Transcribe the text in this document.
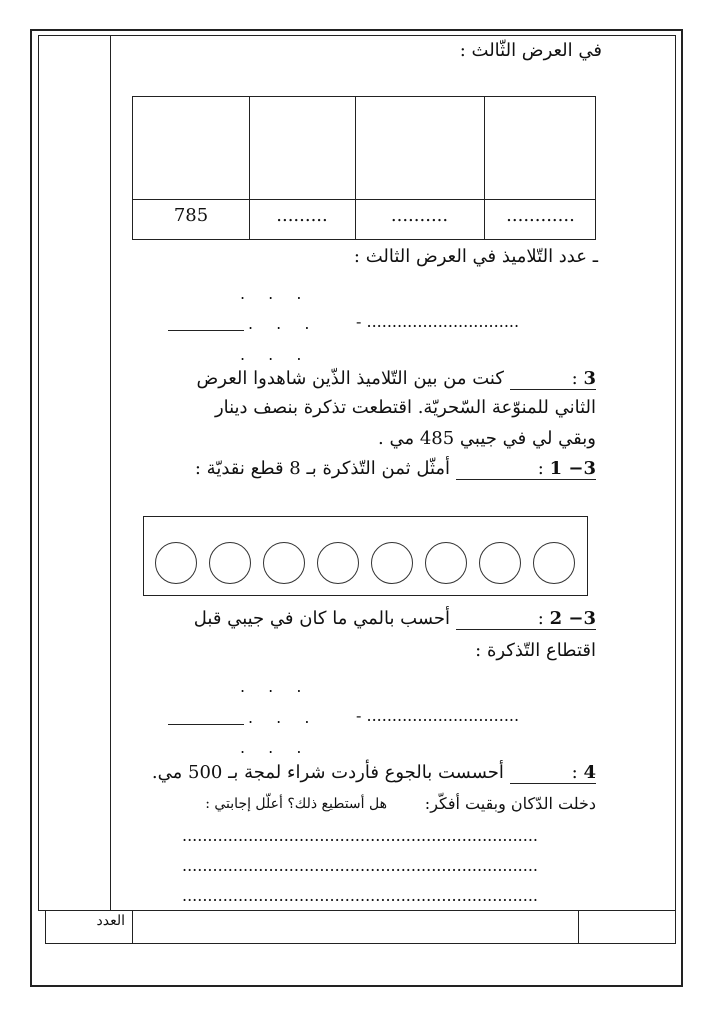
في العرض الثّالث :
785	.........	..........	............
ـ عدد التّلاميذ في العرض الثالث :
. . .
. . .
. . .
- ..............................
3 : كنت من بين التّلاميذ الذّين شاهدوا العرض
الثاني للمنوّعة السّحريّة. اقتطعت تذكرة بنصف دينار
وبقي لي في جيبي 485 مي .
3− 1 : أمثّل ثمن التّذكرة بـ 8 قطع نقديّة :
3− 2 : أحسب بالمي ما كان في جيبي قبل
اقتطاع التّذكرة :
. . .
. . .
. . .
- ..............................
4 : أحسست بالجوع فأردت شراء لمجة بـ 500 مي.
دخلت الدّكان وبقيت أفكّر:
هل أستطيع ذلك؟ أعلّل إجابتي :
......................................................................
......................................................................
......................................................................
العدد
